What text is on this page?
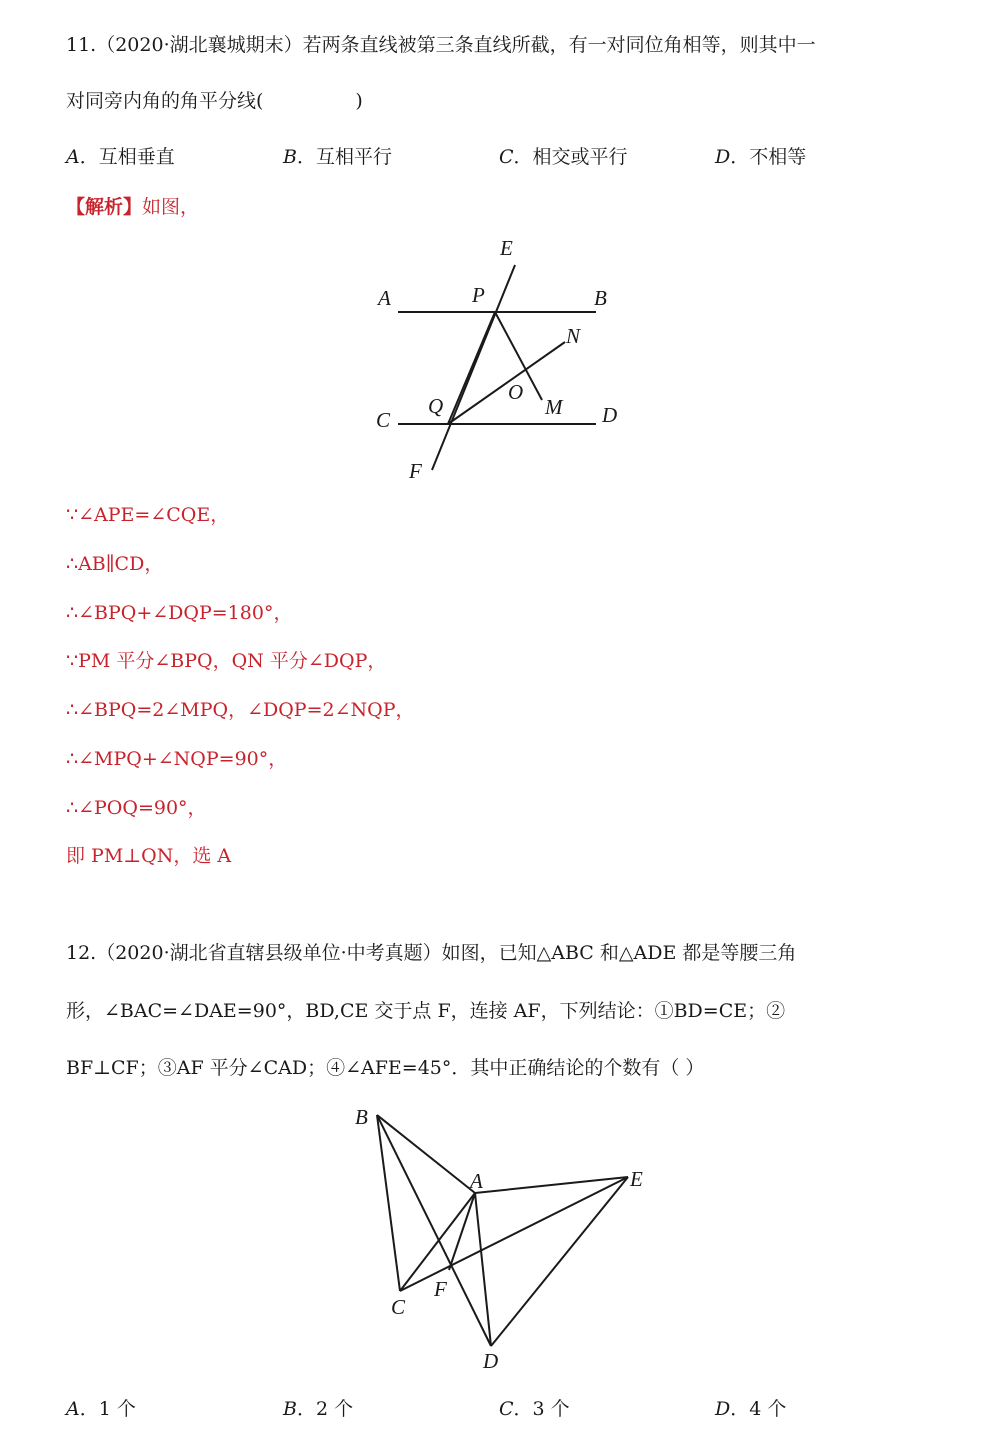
11.（2020·湖北襄城期末）若两条直线被第三条直线所截，有一对同位角相等，则其中一
对同旁内角的角平分线(	)
A．互相垂直	B．互相平行	C．相交或平行	D．不相等
【解析】如图，
E
A	P	B
N
O
M
Q
C	D
F
∵∠APE=∠CQE，
∴AB∥CD，
∴∠BPQ+∠DQP=180°，
∵PM 平分∠BPQ，QN 平分∠DQP，
∴∠BPQ=2∠MPQ，∠DQP=2∠NQP，
∴∠MPQ+∠NQP=90°，
∴∠POQ=90°，
即 PM⊥QN，选 A
12.（2020·湖北省直辖县级单位·中考真题）如图，已知△ABC 和△ADE 都是等腰三角
形，∠BAC=∠DAE=90°，BD,CE 交于点 F，连接 AF，下列结论：①BD=CE；②
BF⊥CF；③AF 平分∠CAD；④∠AFE=45°．其中正确结论的个数有（ ）
B
A	E
F
C
D
A．1 个	B．2 个	C．3 个	D．4 个
